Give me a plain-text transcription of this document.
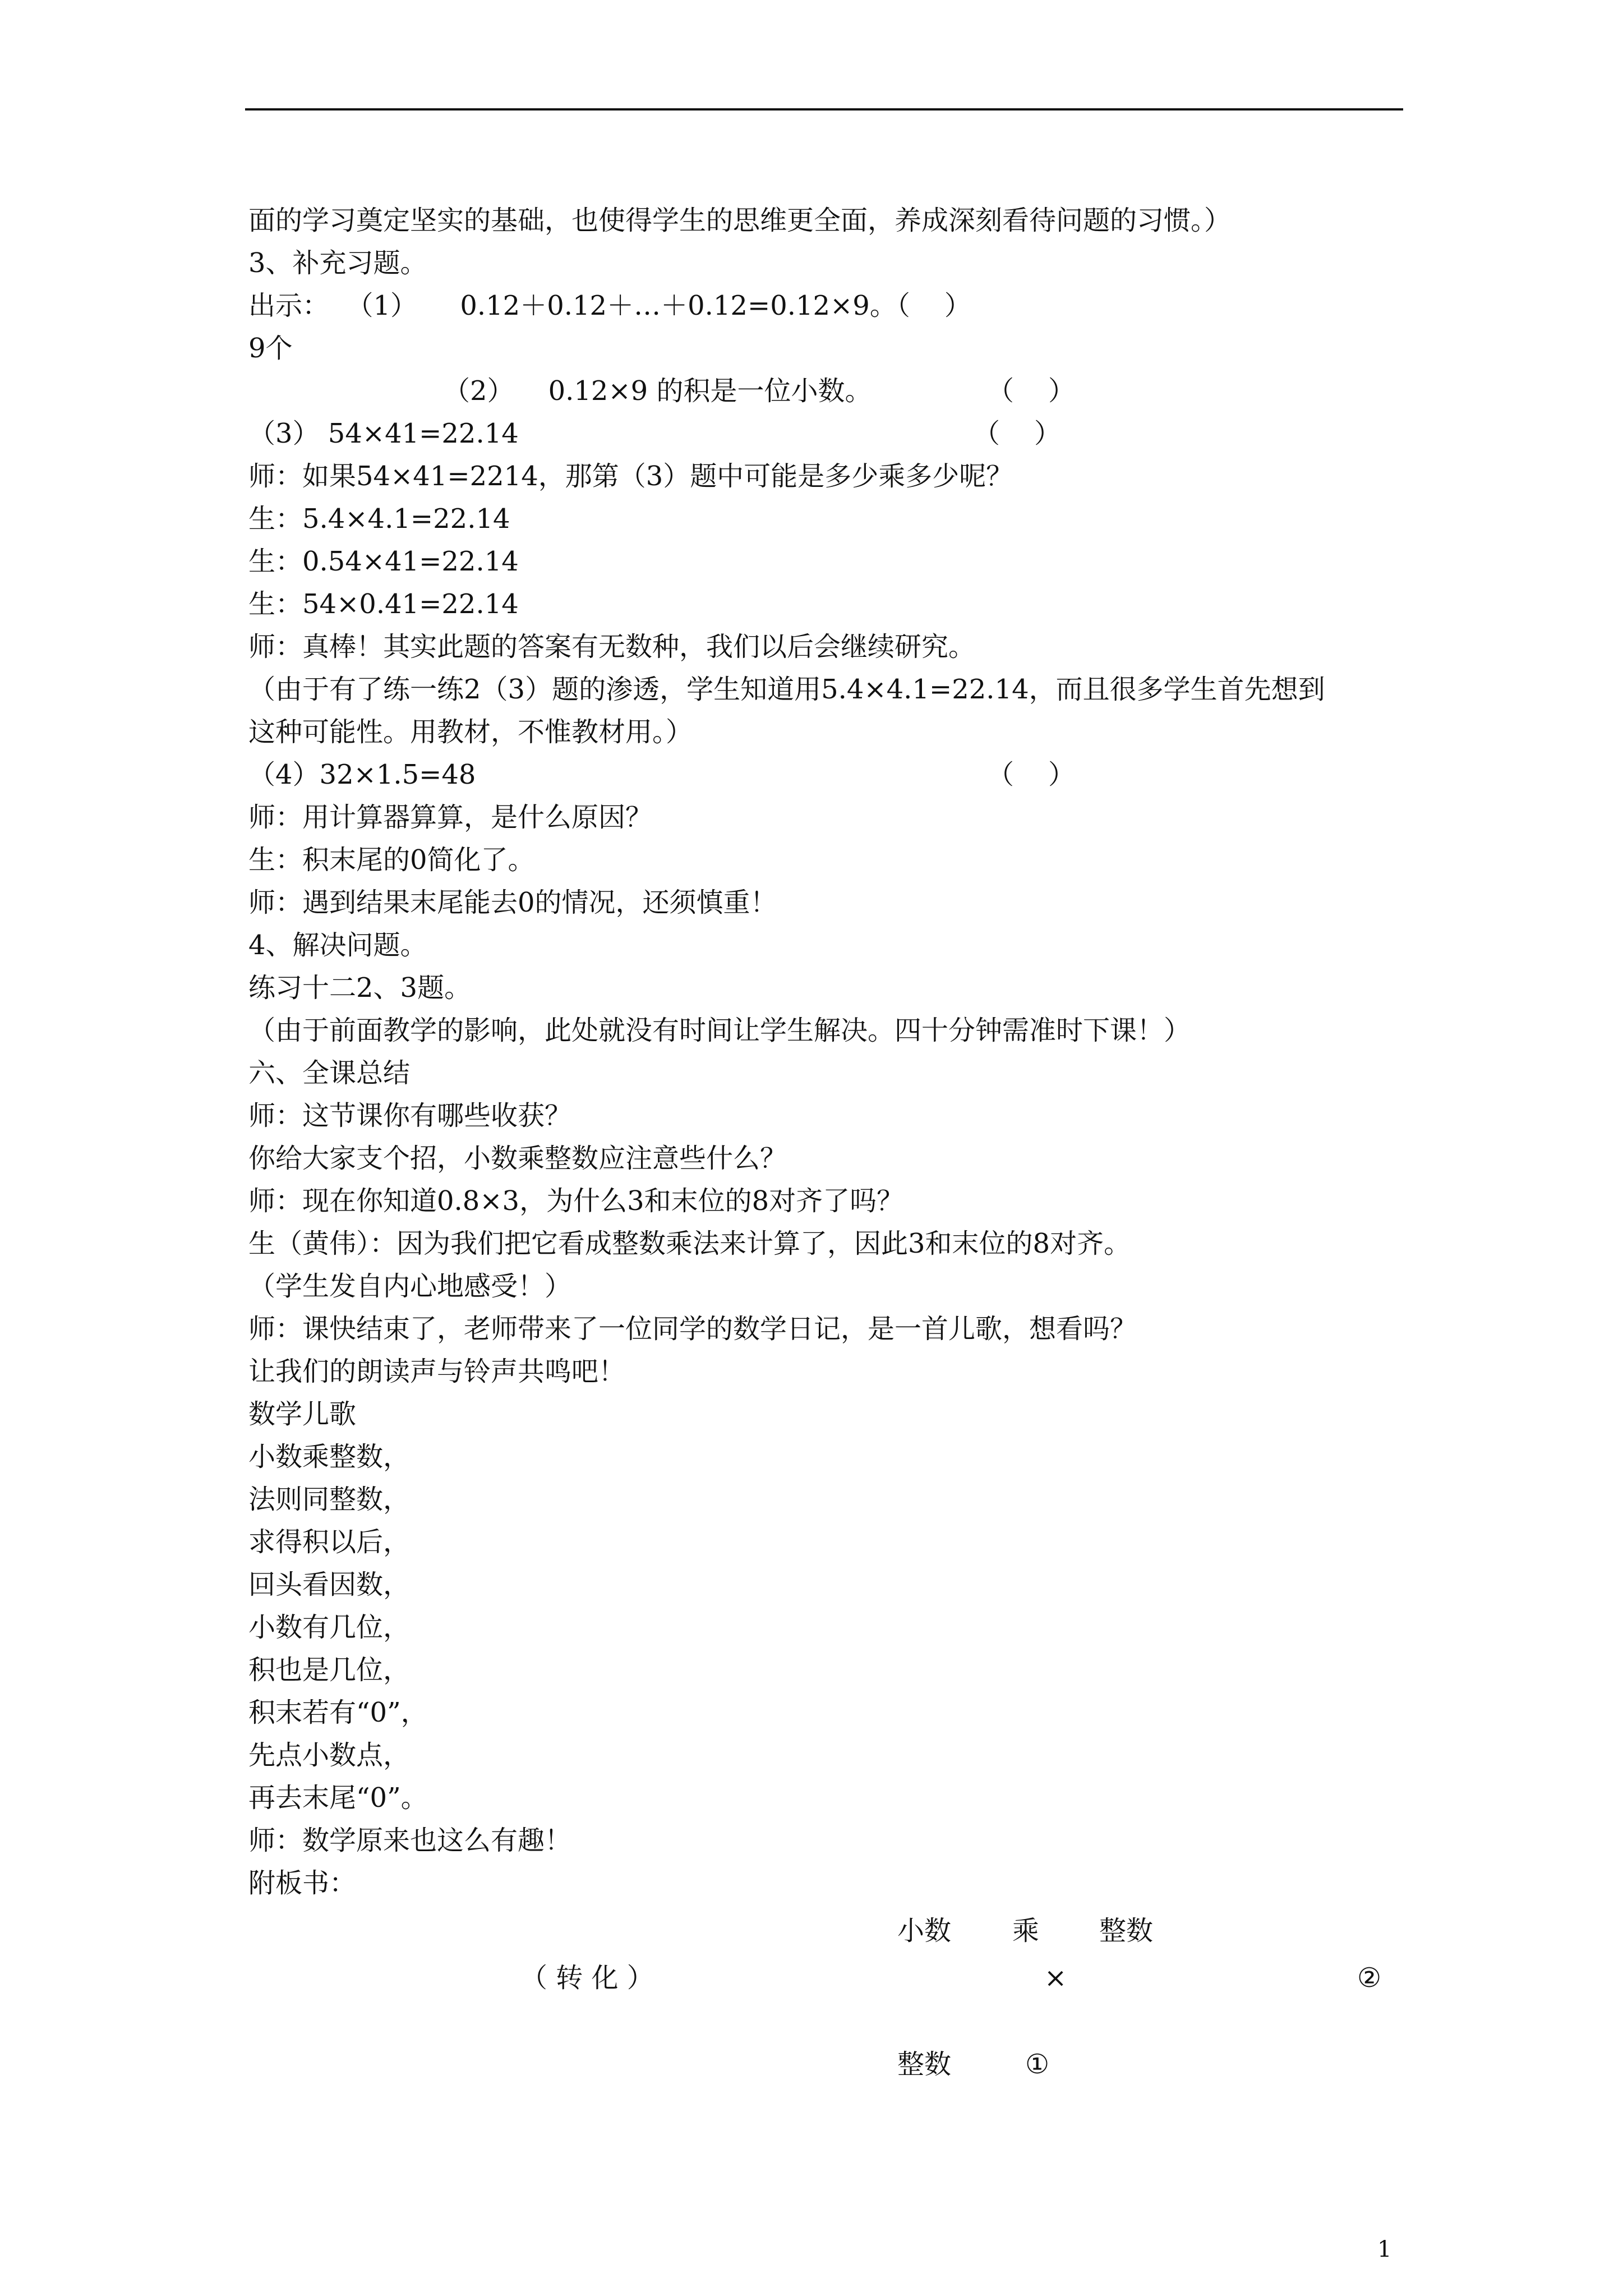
面的学习奠定坚实的基础，也使得学生的思维更全面，养成深刻看待问题的习惯。）
3、补充习题。
出示：  （1）     0.12＋0.12＋…＋0.12=0.12×9。（    ）
9个
（3） 54×41=22.14
师：如果54×41=2214，那第（3）题中可能是多少乘多少呢？
生：5.4×4.1=22.14
生：0.54×41=22.14
生：54×0.41=22.14
师：真棒！其实此题的答案有无数种，我们以后会继续研究。
（由于有了练一练2（3）题的渗透，学生知道用5.4×4.1=22.14，而且很多学生首先想到
这种可能性。用教材，不惟教材用。）
（4）32×1.5=48
师：用计算器算算，是什么原因？
生：积末尾的0简化了。
师：遇到结果末尾能去0的情况，还须慎重！
4、解决问题。
练习十二2、3题。
（由于前面教学的影响，此处就没有时间让学生解决。四十分钟需准时下课！）
六、全课总结
师：这节课你有哪些收获？
你给大家支个招，小数乘整数应注意些什么？
师：现在你知道0.8×3，为什么3和末位的8对齐了吗？
生（黄伟）：因为我们把它看成整数乘法来计算了，因此3和末位的8对齐。
（学生发自内心地感受！）
师：课快结束了，老师带来了一位同学的数学日记，是一首儿歌，想看吗？
让我们的朗读声与铃声共鸣吧！
数学儿歌
小数乘整数，
法则同整数，
求得积以后，
回头看因数，
小数有几位，
积也是几位，
积末若有“0”，
先点小数点，
再去末尾“0”。
师：数学原来也这么有趣！
附板书：
（2）    0.12×9 的积是一位小数。	（    ）
（    ）
（    ）
小数 乘 整数
（ 转 化 ）	×	②
整数	①
1
